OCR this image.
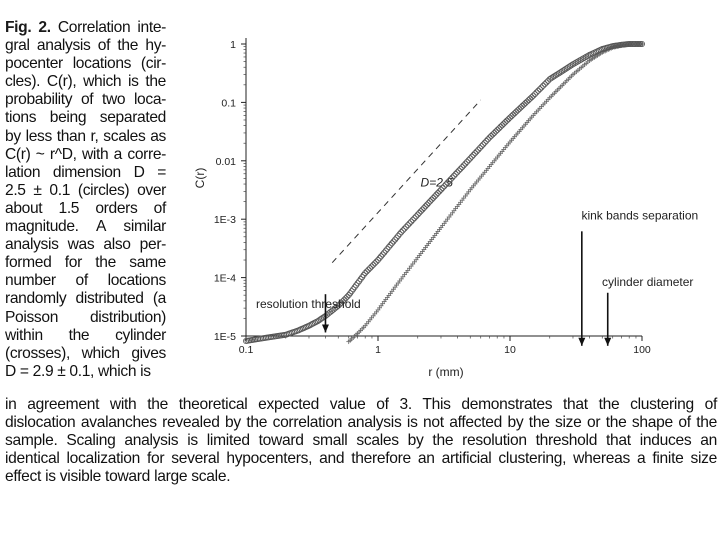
Fig. 2. Correlation inte-
gral analysis of the hy-
pocenter locations (cir-
cles). C(r), which is the
probability of two loca-
tions being separated
by less than r, scales as
C(r) ~ r^D, with a corre-
lation dimension D =
2.5 ± 0.1 (circles) over
about 1.5 orders of
magnitude. A similar
analysis was also per-
formed for the same
number of locations
randomly distributed (a
Poisson distribution)
within the cylinder
(crosses), which gives
D = 2.9 ± 0.1, which is
D=2.5
resolution threshold
kink bands separation
cylinder diameter
1E-5
1E-4
1E-3
0.01
0.1
1
0.1	1	10	100
r (mm)
C(r)
in agreement with the theoretical expected value of 3. This demonstrates that the clustering of
dislocation avalanches revealed by the correlation analysis is not affected by the size or the shape of the
sample. Scaling analysis is limited toward small scales by the resolution threshold that induces an
identical localization for several hypocenters, and therefore an artificial clustering, whereas a finite size
effect is visible toward large scale.
